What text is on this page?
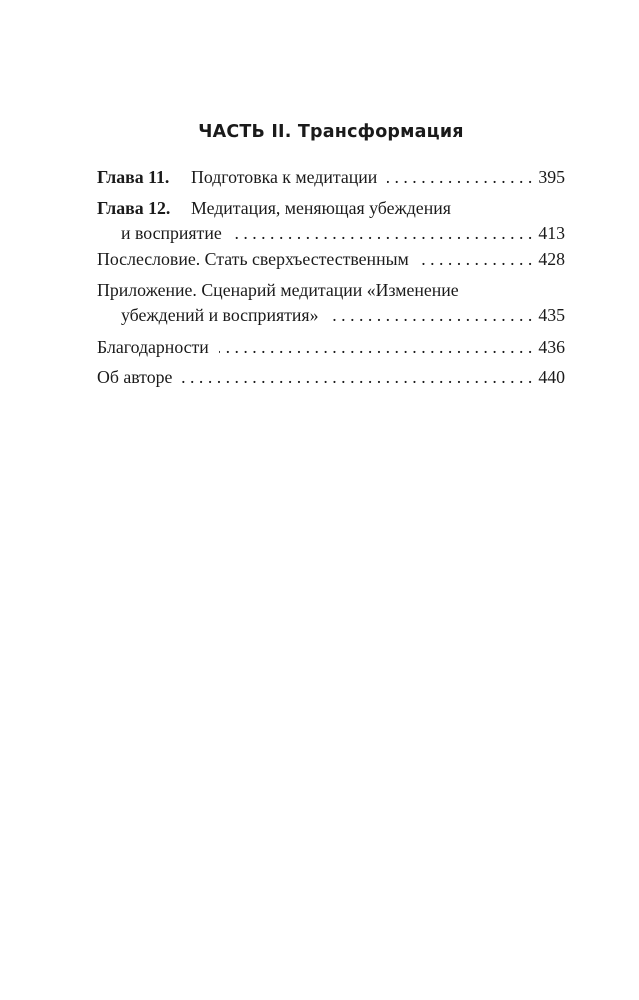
ЧАСТЬ II. Трансформация
Глава 11.	Подготовка к медитации . . .	395
Глава 12.	Медитация, меняющая убеждения
и восприятие . . .	413
Послесловие. Стать сверхъестественным . . .	428
Приложение. Сценарий медитации «Изменение
убеждений и восприятия» . . .	435
Благодарности . . .	436
Об авторе . . .	440
